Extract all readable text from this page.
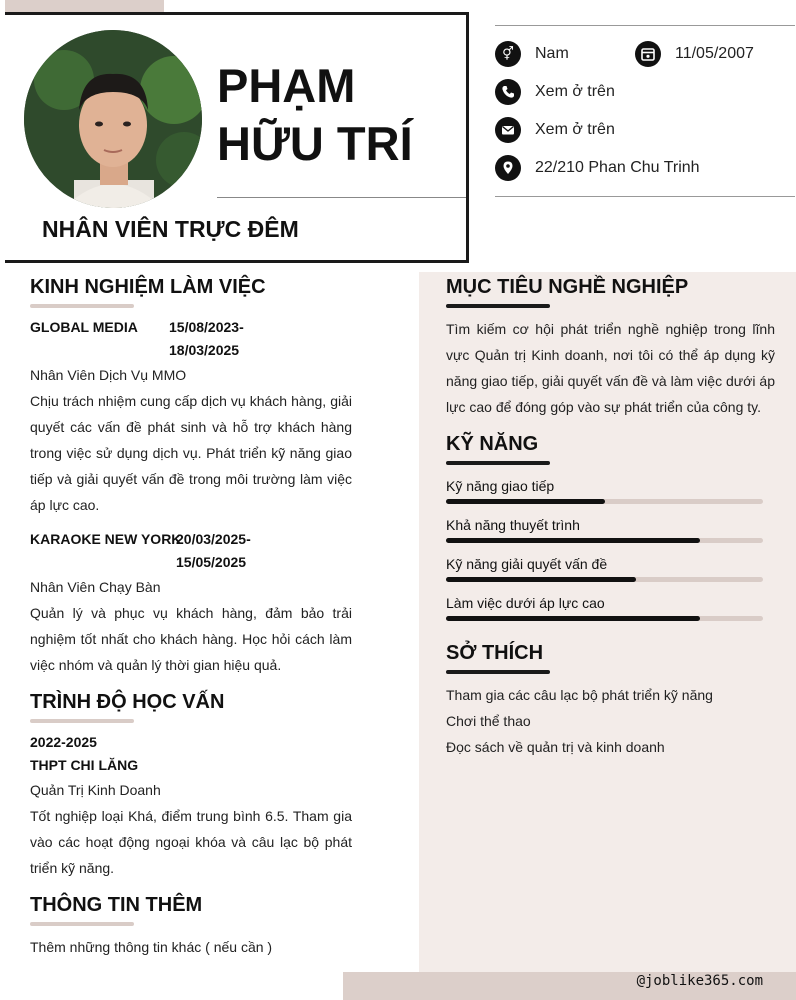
PHẠM
HỮU TRÍ
NHÂN VIÊN TRỰC ĐÊM
⚥	Nam	11/05/2007
Xem ở trên
Xem ở trên
22/210 Phan Chu Trinh
KINH NGHIỆM LÀM VIỆC
GLOBAL MEDIA 15/08/2023-
18/03/2025
Nhân Viên Dịch Vụ MMO
Chịu trách nhiệm cung cấp dịch vụ khách hàng, giải quyết các vấn đề phát sinh và hỗ trợ khách hàng trong việc sử dụng dịch vụ. Phát triển kỹ năng giao tiếp và giải quyết vấn đề trong môi trường làm việc áp lực cao.
KARAOKE NEW YORK
20/03/2025-
15/05/2025
Nhân Viên Chạy Bàn
Quản lý và phục vụ khách hàng, đảm bảo trải nghiệm tốt nhất cho khách hàng. Học hỏi cách làm việc nhóm và quản lý thời gian hiệu quả.
TRÌNH ĐỘ HỌC VẤN
2022-2025
THPT CHI LĂNG
Quản Trị Kinh Doanh
Tốt nghiệp loại Khá, điểm trung bình 6.5. Tham gia vào các hoạt động ngoại khóa và câu lạc bộ phát triển kỹ năng.
THÔNG TIN THÊM
Thêm những thông tin khác ( nếu cần )
MỤC TIÊU NGHỀ NGHIỆP
Tìm kiếm cơ hội phát triển nghề nghiệp trong lĩnh vực Quản trị Kinh doanh, nơi tôi có thể áp dụng kỹ năng giao tiếp, giải quyết vấn đề và làm việc dưới áp lực cao để đóng góp vào sự phát triển của công ty.
KỸ NĂNG
Kỹ năng giao tiếp
Khả năng thuyết trình
Kỹ năng giải quyết vấn đề
Làm việc dưới áp lực cao
SỞ THÍCH
Tham gia các câu lạc bộ phát triển kỹ năng
Chơi thể thao
Đọc sách về quản trị và kinh doanh
@joblike365.com
